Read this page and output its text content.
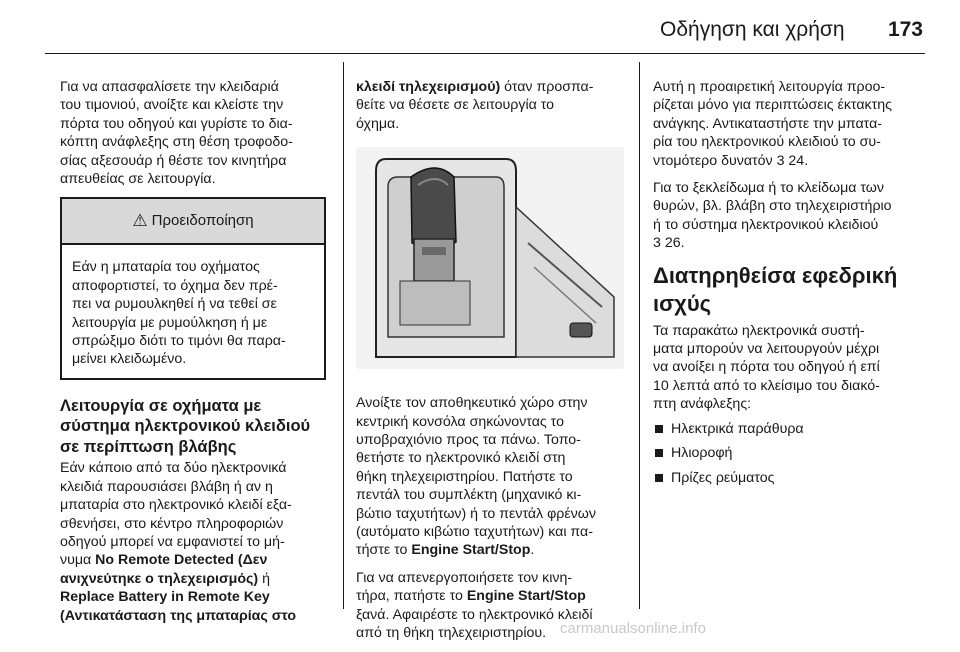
Οδήγηση και χρήση	173

Για να απασφαλίσετε την κλειδαριά
του τιμονιού, ανοίξτε και κλείστε την
πόρτα του οδηγού και γυρίστε το δια-
κόπτη ανάφλεξης στη θέση τροφοδο-
σίας αξεσουάρ ή θέστε τον κινητήρα
απευθείας σε λειτουργία.

⚠ Προειδοποίηση
Εάν η μπαταρία του οχήματος
αποφορτιστεί, το όχημα δεν πρέ-
πει να ρυμουλκηθεί ή να τεθεί σε
λειτουργία με ρυμούλκηση ή με
σπρώξιμο διότι το τιμόνι θα παρα-
μείνει κλειδωμένο.
Λειτουργία σε οχήματα με
σύστημα ηλεκτρονικού κλειδιού
σε περίπτωση βλάβης

Εάν κάποιο από τα δύο ηλεκτρονικά
κλειδιά παρουσιάσει βλάβη ή αν η
μπαταρία στο ηλεκτρονικό κλειδί εξα-
σθενήσει, στο κέντρο πληροφοριών
οδηγού μπορεί να εμφανιστεί το μή-
νυμα No Remote Detected (Δεν
ανιχνεύτηκε ο τηλεχειρισμός) ή
Replace Battery in Remote Key
(Αντικατάσταση της μπαταρίας στο

κλειδί τηλεχειρισμού) όταν προσπα-
θείτε να θέσετε σε λειτουργία το
όχημα.

Ανοίξτε τον αποθηκευτικό χώρο στην
κεντρική κονσόλα σηκώνοντας το
υποβραχιόνιο προς τα πάνω. Τοπο-
θετήστε το ηλεκτρονικό κλειδί στη
θήκη τηλεχειριστηρίου. Πατήστε το
πεντάλ του συμπλέκτη (μηχανικό κι-
βώτιο ταχυτήτων) ή το πεντάλ φρένων
(αυτόματο κιβώτιο ταχυτήτων) και πα-
τήστε το Engine Start/Stop.

Για να απενεργοποιήσετε τον κινη-
τήρα, πατήστε το Engine Start/Stop
ξανά. Αφαιρέστε το ηλεκτρονικό κλειδί
από τη θήκη τηλεχειριστηρίου.

Αυτή η προαιρετική λειτουργία προο-
ρίζεται μόνο για περιπτώσεις έκτακτης
ανάγκης. Αντικαταστήστε την μπατα-
ρία του ηλεκτρονικού κλειδιού το συ-
ντομότερο δυνατόν 3 24.

Για το ξεκλείδωμα ή το κλείδωμα των
θυρών, βλ. βλάβη στο τηλεχειριστήριο
ή το σύστημα ηλεκτρονικού κλειδιού
3 26.

Διατηρηθείσα εφεδρική
ισχύς

Τα παρακάτω ηλεκτρονικά συστή-
ματα μπορούν να λειτουργούν μέχρι
να ανοίξει η πόρτα του οδηγού ή επί
10 λεπτά από το κλείσιμο του διακό-
πτη ανάφλεξης:

Ηλεκτρικά παράθυρα
Ηλιοροφή
Πρίζες ρεύματος
carmanualsonline.info
